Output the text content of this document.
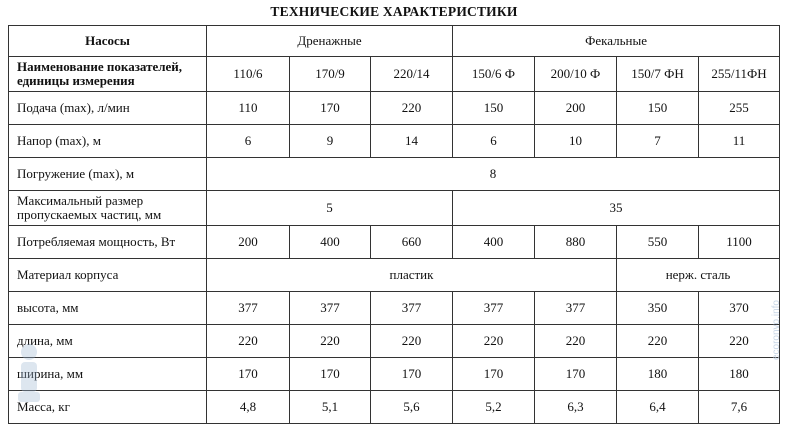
ТЕХНИЧЕСКИЕ ХАРАКТЕРИСТИКИ
Насосы	Дренажные			Фекальные			
Наименование показателей, единицы измерения	110/6	170/9	220/14	150/6 Ф	200/10 Ф	150/7 ФН	255/11ФН
Подача (max), л/мин	110	170	220	150	200	150	255
Напор (max), м	6	9	14	6	10	7	11
Погружение (max), м	8						
Максимальный размер пропускаемых частиц, мм	5			35			
Потребляемая мощность, Вт	200	400	660	400	880	550	1100
Материал корпуса	пластик					нерж. сталь	
высота, мм	377	377	377	377	377	350	370
длина, мм	220	220	220	220	220	220	220
ширина, мм	170	170	170	170	170	180	180
Масса, кг	4,8	5,1	5,6	5,2	6,3	6,4	7,6
ecoronvo.info
